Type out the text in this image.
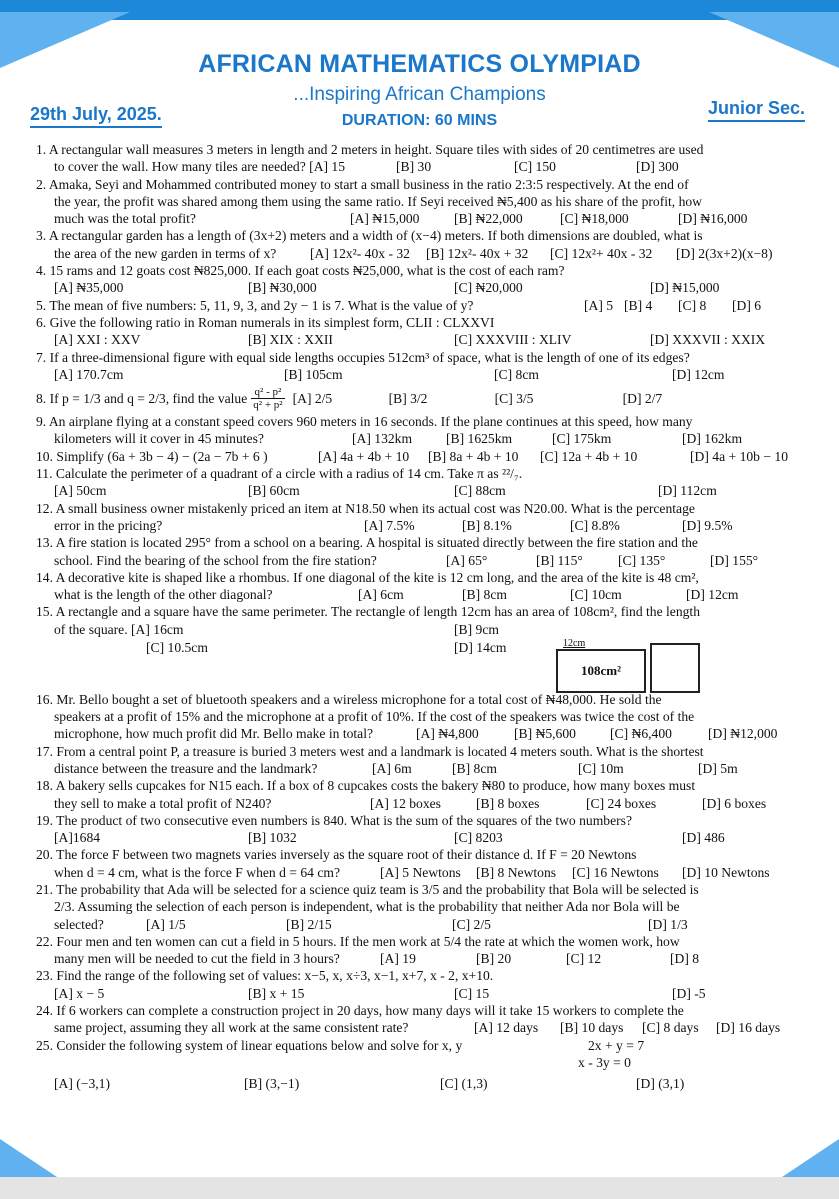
AFRICAN MATHEMATICS OLYMPIAD
...Inspiring African Champions
29th July, 2025.	DURATION: 60 MINS
Junior Sec.
1. A rectangular wall measures 3 meters in length and 2 meters in height. Square tiles with sides of 20 centimetres are used
to cover the wall. How many tiles are needed? [A] 15	[B] 30	[C] 150	[D] 300
2. Amaka, Seyi and Mohammed contributed money to start a small business in the ratio 2:3:5 respectively. At the end of
the year, the profit was shared among them using the same ratio. If Seyi received ₦5,400 as his share of the profit, how
much was the total profit?	[A] ₦15,000	[B] ₦22,000	[C] ₦18,000	[D] ₦16,000
3. A rectangular garden has a length of (3x+2) meters and a width of (x−4) meters. If both dimensions are doubled, what is
the area of the new garden in terms of x?	[A] 12x²- 40x - 32	[B] 12x²- 40x + 32	[C] 12x²+ 40x - 32	[D] 2(3x+2)(x−8)
4. 15 rams and 12 goats cost ₦825,000. If each goat costs ₦25,000, what is the cost of each ram?
[A] ₦35,000	[B] ₦30,000	[C] ₦20,000	[D] ₦15,000
5. The mean of five numbers: 5, 11, 9, 3, and 2y − 1 is 7. What is the value of y?	[A] 5 [B] 4	[C] 8	[D] 6
6. Give the following ratio in Roman numerals in its simplest form, CLII : CLXXVI
[A] XXI : XXV	[B] XIX : XXII	[C] XXXVIII : XLIV	[D] XXXVII : XXIX
7. If a three-dimensional figure with equal side lengths occupies 512cm³ of space, what is the length of one of its edges?
[A] 170.7cm	[B] 105cm	[C] 8cm	[D] 12cm
8. If p = 1/3 and q = 2/3, find the value $\frac{\text{q² - p²}}{\text{q² + p²}} [A]$ 2/5	[B] 3/2	[C] 3/5	[D] 2/7
9. An airplane flying at a constant speed covers 960 meters in 16 seconds. If the plane continues at this speed, how many
kilometers will it cover in 45 minutes?	[A] 132km	[B] 1625km	[C] 175km	[D] 162km
10. Simplify (6a + 3b − 4) − (2a − 7b + 6 )	[A] 4a + 4b + 10	[B] 8a + 4b + 10	[C] 12a + 4b + 10	[D] 4a + 10b − 10
11. Calculate the perimeter of a quadrant of a circle with a radius of 14 cm. Take π as ²²/₇.
[A] 50cm	[B] 60cm	[C] 88cm	[D] 112cm
12. A small business owner mistakenly priced an item at N18.50 when its actual cost was N20.00. What is the percentage
error in the pricing?	[A] 7.5%	[B] 8.1%	[C] 8.8%	[D] 9.5%
13. A fire station is located 295° from a school on a bearing. A hospital is situated directly between the fire station and the
school. Find the bearing of the school from the fire station?	[A] 65°	[B] 115°	[C] 135°	[D] 155°
14. A decorative kite is shaped like a rhombus. If one diagonal of the kite is 12 cm long, and the area of the kite is 48 cm²,
what is the length of the other diagonal?	[A] 6cm	[B] 8cm	[C] 10cm	[D] 12cm
15. A rectangle and a square have the same perimeter. The rectangle of length 12cm has an area of 108cm², find the length
of the square. [A] 16cm	[B] 9cm
[C] 10.5cm	[D] 14cm	12cm
108cm²
16. Mr. Bello bought a set of bluetooth speakers and a wireless microphone for a total cost of ₦48,000. He sold the
speakers at a profit of 15% and the microphone at a profit of 10%. If the cost of the speakers was twice the cost of the
microphone, how much profit did Mr. Bello make in total?	[A] ₦4,800	[B] ₦5,600	[C] ₦6,400	[D] ₦12,000
17. From a central point P, a treasure is buried 3 meters west and a landmark is located 4 meters south. What is the shortest
distance between the treasure and the landmark?	[A] 6m	[B] 8cm	[C] 10m	[D] 5m
18. A bakery sells cupcakes for N15 each. If a box of 8 cupcakes costs the bakery ₦80 to produce, how many boxes must
they sell to make a total profit of N240?	[A] 12 boxes	[B] 8 boxes	[C] 24 boxes	[D] 6 boxes
19. The product of two consecutive even numbers is 840. What is the sum of the squares of the two numbers?
[A]1684	[B] 1032	[C] 8203	[D] 486
20. The force F between two magnets varies inversely as the square root of their distance d. If F = 20 Newtons
when d = 4 cm, what is the force F when d = 64 cm?	[A] 5 Newtons	[B] 8 Newtons	[C] 16 Newtons	[D] 10 Newtons
21. The probability that Ada will be selected for a science quiz team is 3/5 and the probability that Bola will be selected is
2/3. Assuming the selection of each person is independent, what is the probability that neither Ada nor Bola will be
selected?	[A] 1/5	[B] 2/15	[C] 2/5	[D] 1/3
22. Four men and ten women can cut a field in 5 hours. If the men work at 5/4 the rate at which the women work, how
many men will be needed to cut the field in 3 hours?	[A] 19	[B] 20	[C] 12	[D] 8
23. Find the range of the following set of values: x−5, x, x÷3, x−1, x+7, x - 2, x+10.
[A] x − 5	[B] x + 15	[C] 15	[D] -5
24. If 6 workers can complete a construction project in 20 days, how many days will it take 15 workers to complete the
same project, assuming they all work at the same consistent rate?	[A] 12 days	[B] 10 days	[C] 8 days	[D] 16 days
25. Consider the following system of linear equations below and solve for x, y	2x + y = 7
x - 3y = 0
[A] (−3,1)	[B] (3,−1)	[C] (1,3)	[D] (3,1)
